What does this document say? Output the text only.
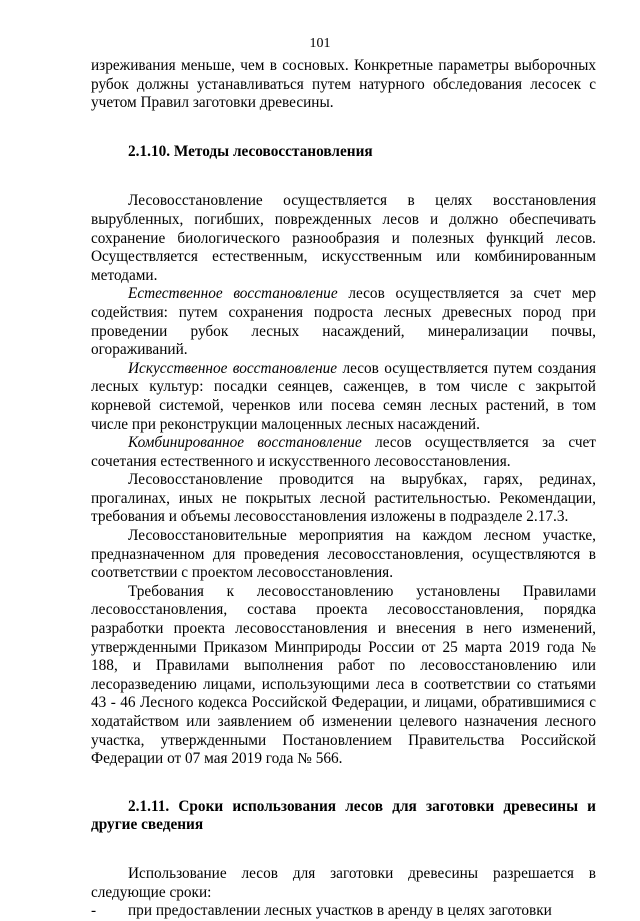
101

изреживания меньше, чем в сосновых. Конкретные параметры выборочных рубок должны устанавливаться путем натурного обследования лесосек с учетом Правил заготовки древесины.

2.1.10. Методы лесовосстановления

Лесовосстановление осуществляется в целях восстановления вырубленных, погибших, поврежденных лесов и должно обеспечивать сохранение биологического разнообразия и полезных функций лесов. Осуществляется естественным, искусственным или комбинированным методами.

Естественное восстановление лесов осуществляется за счет мер содействия: путем сохранения подроста лесных древесных пород при проведении рубок лесных насаждений, минерализации почвы, огораживаний.

Искусственное восстановление лесов осуществляется путем создания лесных культур: посадки сеянцев, саженцев, в том числе с закрытой корневой системой, черенков или посева семян лесных растений, в том числе при реконструкции малоценных лесных насаждений.

Комбинированное восстановление лесов осуществляется за счет сочетания естественного и искусственного лесовосстановления.

Лесовосстановление проводится на вырубках, гарях, рединах, прогалинах, иных не покрытых лесной растительностью. Рекомендации, требования и объемы лесовосстановления изложены в подразделе 2.17.3.

Лесовосстановительные мероприятия на каждом лесном участке, предназначенном для проведения лесовосстановления, осуществляются в соответствии с проектом лесовосстановления.

Требования к лесовосстановлению установлены Правилами лесовосстановления, состава проекта лесовосстановления, порядка разработки проекта лесовосстановления и внесения в него изменений, утвержденными Приказом Минприроды России от 25 марта 2019 года № 188, и Правилами выполнения работ по лесовосстановлению или лесоразведению лицами, использующими леса в соответствии со статьями 43 - 46 Лесного кодекса Российской Федерации, и лицами, обратившимися с ходатайством или заявлением об изменении целевого назначения лесного участка, утвержденными Постановлением Правительства Российской Федерации от 07 мая 2019 года № 566.

2.1.11. Сроки использования лесов для заготовки древесины и другие сведения

Использование лесов для заготовки древесины разрешается в следующие сроки:

-	при предоставлении лесных участков в аренду в целях заготовки
